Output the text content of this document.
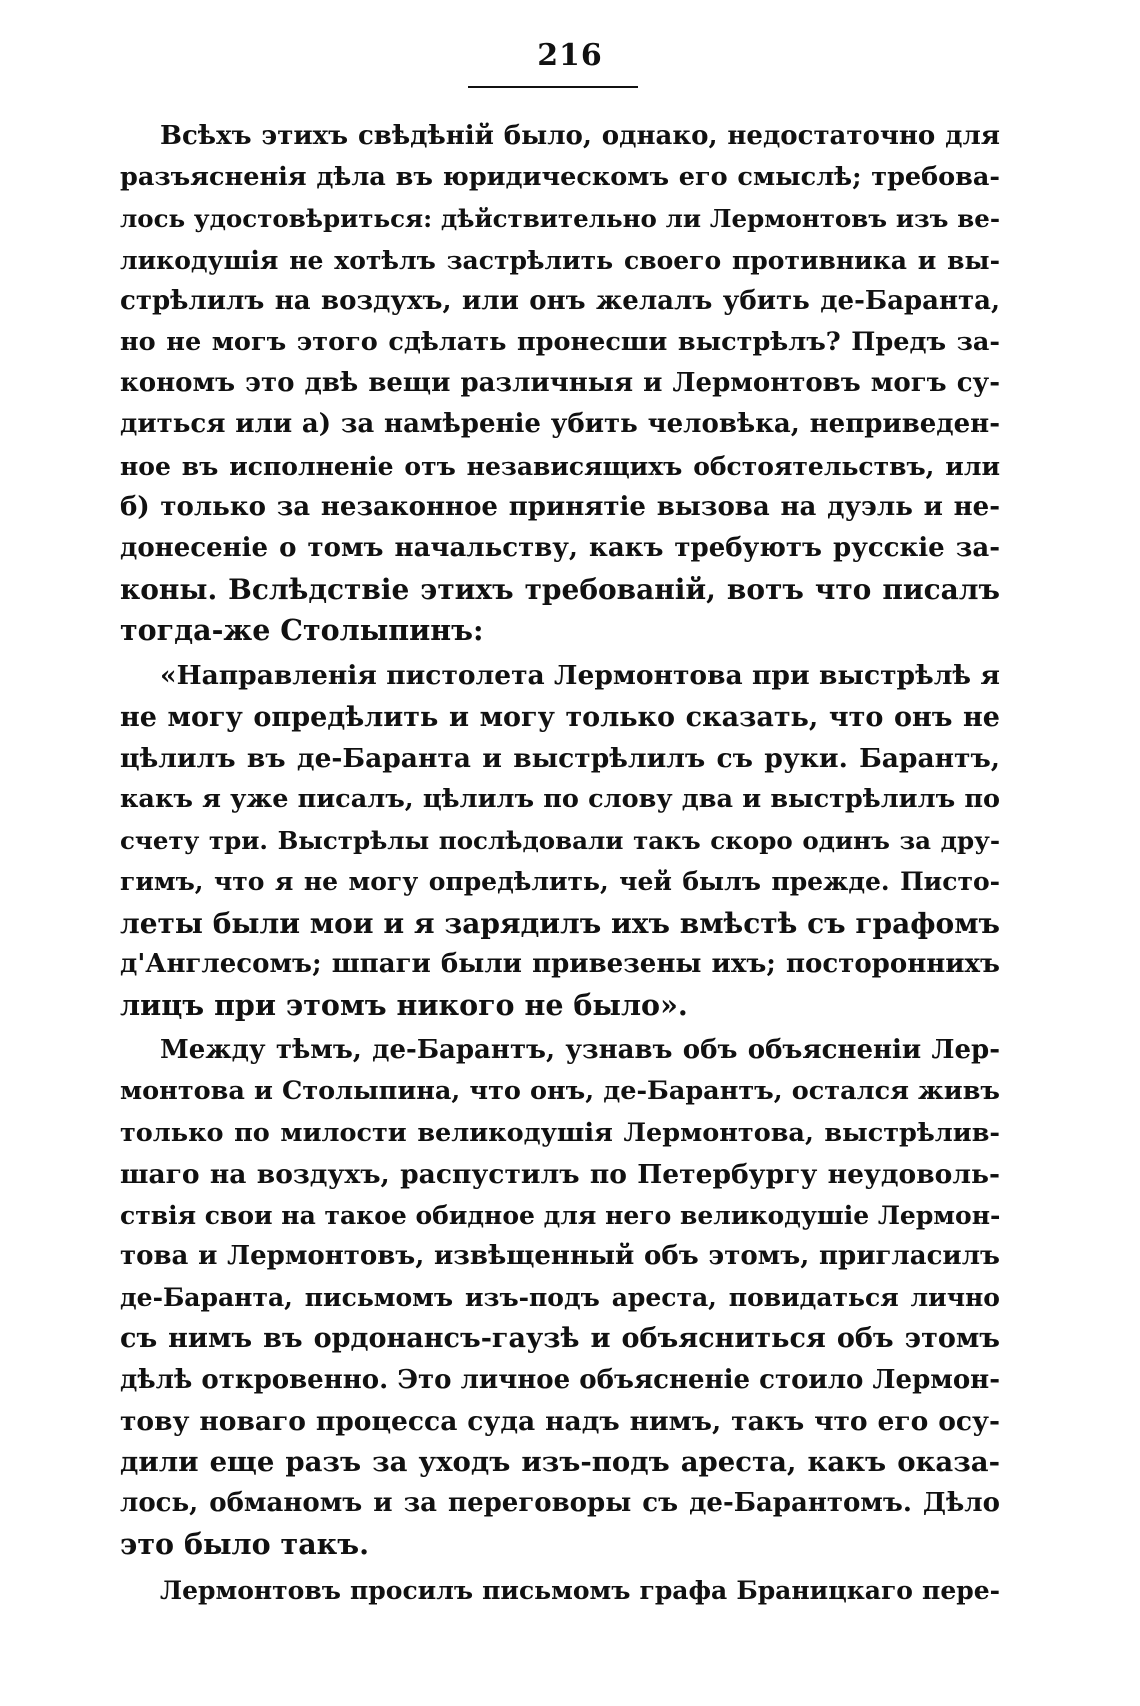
216
Всѣхъ этихъ свѣдѣній было, однако, недостаточно для
разъясненія дѣла въ юридическомъ его смыслѣ; требова-
лось удостовѣриться: дѣйствительно ли Лермонтовъ изъ ве-
ликодушія не хотѣлъ застрѣлить своего противника и вы-
стрѣлилъ на воздухъ, или онъ желалъ убить де-Баранта,
но не могъ этого сдѣлать пронесши выстрѣлъ? Предъ за-
кономъ это двѣ вещи различныя и Лермонтовъ могъ су-
диться или а) за намѣреніе убить человѣка, неприведен-
ное въ исполненіе отъ независящихъ обстоятельствъ, или
б) только за незаконное принятіе вызова на дуэль и не-
донесеніе о томъ начальству, какъ требуютъ русскіе за-
коны. Вслѣдствіе этихъ требованій, вотъ что писалъ
тогда-же Столыпинъ:
«Направленія пистолета Лермонтова при выстрѣлѣ я
не могу опредѣлить и могу только сказать, что онъ не
цѣлилъ въ де-Баранта и выстрѣлилъ съ руки. Барантъ,
какъ я уже писалъ, цѣлилъ по слову два и выстрѣлилъ по
счету три. Выстрѣлы послѣдовали такъ скоро одинъ за дру-
гимъ, что я не могу опредѣлить, чей былъ прежде. Писто-
леты были мои и я зарядилъ ихъ вмѣстѣ съ графомъ
д'Англесомъ; шпаги были привезены ихъ; постороннихъ
лицъ при этомъ никого не было».
Между тѣмъ, де-Барантъ, узнавъ объ объясненіи Лер-
монтова и Столыпина, что онъ, де-Барантъ, остался живъ
только по милости великодушія Лермонтова, выстрѣлив-
шаго на воздухъ, распустилъ по Петербургу неудоволь-
ствія свои на такое обидное для него великодушіе Лермон-
това и Лермонтовъ, извѣщенный объ этомъ, пригласилъ
де-Баранта, письмомъ изъ-подъ ареста, повидаться лично
съ нимъ въ ордонансъ-гаузѣ и объясниться объ этомъ
дѣлѣ откровенно. Это личное объясненіе стоило Лермон-
тову новаго процесса суда надъ нимъ, такъ что его осу-
дили еще разъ за уходъ изъ-подъ ареста, какъ оказа-
лось, обманомъ и за переговоры съ де-Барантомъ. Дѣло
это было такъ.
Лермонтовъ просилъ письмомъ графа Браницкаго пере-
